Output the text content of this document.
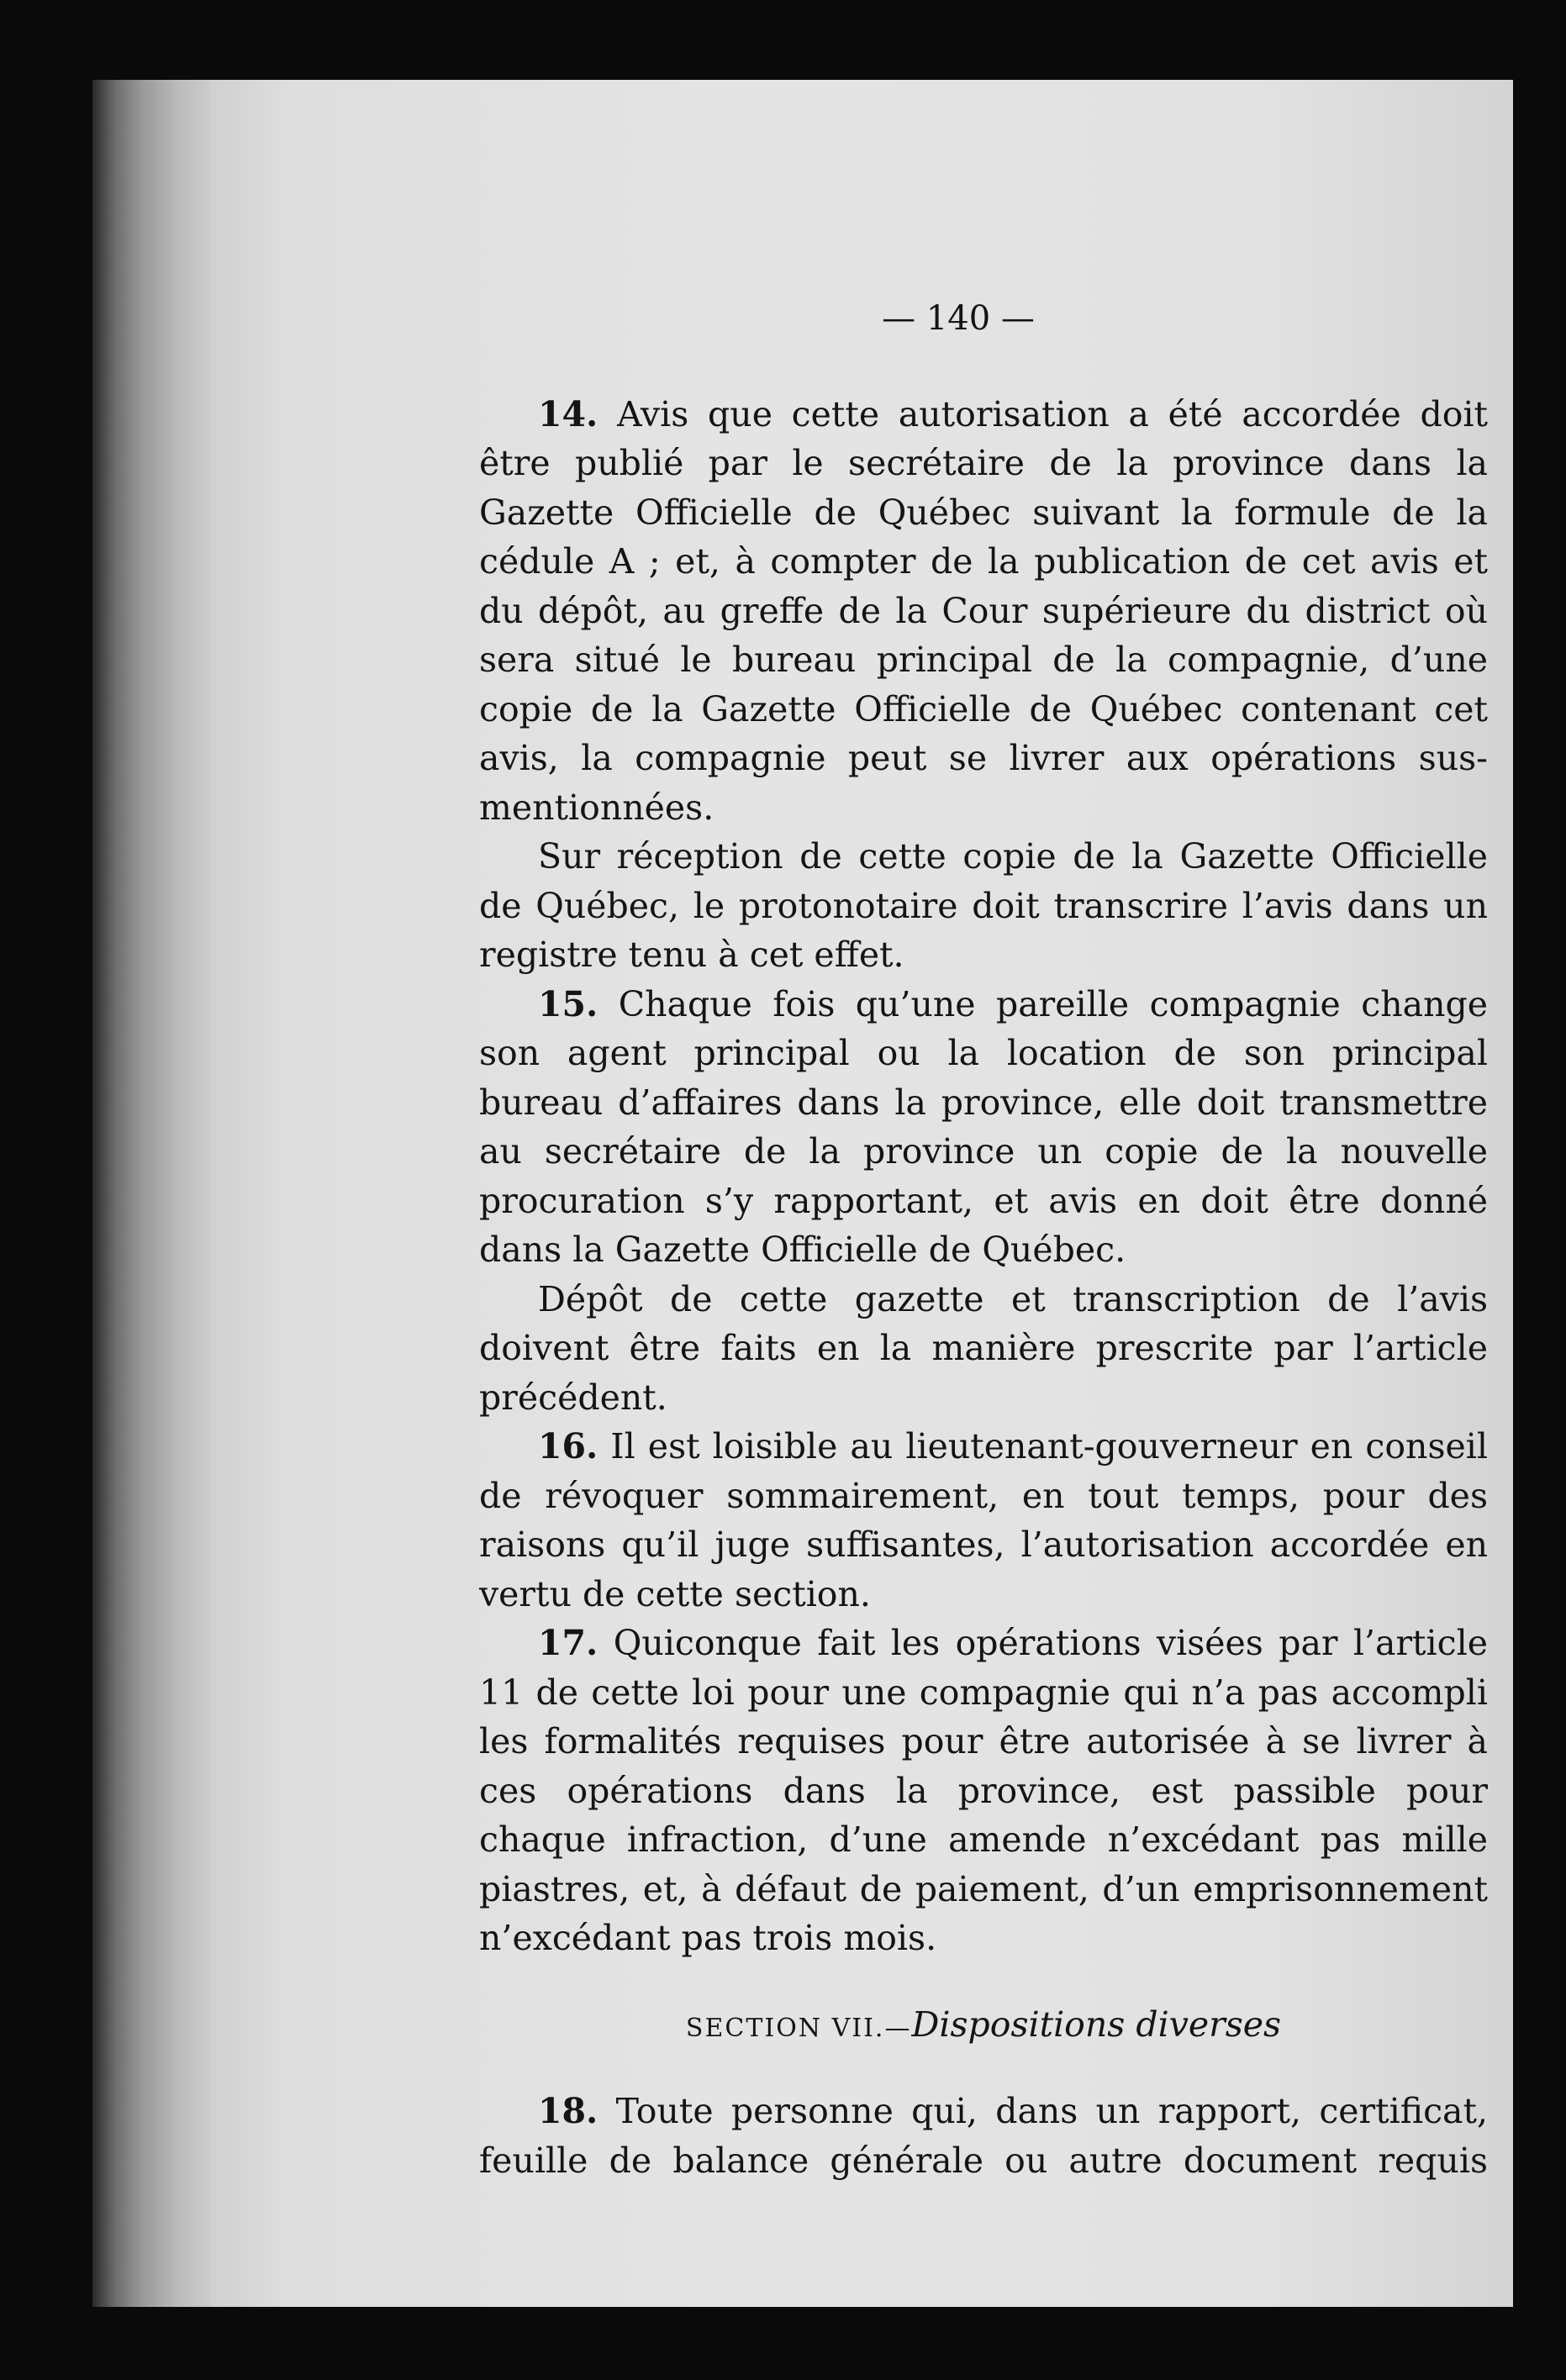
— 140 —

14. Avis que cette autorisation a été accordée doit être publié par le secrétaire de la province dans la Gazette Officielle de Québec suivant la formule de la cédule A ; et, à compter de la publication de cet avis et du dépôt, au greffe de la Cour supérieure du district où sera situé le bureau principal de la compagnie, d’une copie de la Gazette Officielle de Québec contenant cet avis, la compagnie peut se livrer aux opérations sus-mentionnées.

Sur réception de cette copie de la Gazette Officielle de Québec, le protonotaire doit transcrire l’avis dans un registre tenu à cet effet.

15. Chaque fois qu’une pareille compagnie change son agent principal ou la location de son principal bureau d’affaires dans la province, elle doit transmettre au secrétaire de la province un copie de la nouvelle procuration s’y rapportant, et avis en doit être donné dans la Gazette Officielle de Québec.

Dépôt de cette gazette et transcription de l’avis doivent être faits en la manière prescrite par l’article précédent.

16. Il est loisible au lieutenant-gouverneur en conseil de révoquer sommairement, en tout temps, pour des raisons qu’il juge suffisantes, l’autorisation accordée en vertu de cette section.

17. Quiconque fait les opérations visées par l’article 11 de cette loi pour une compagnie qui n’a pas accompli les formalités requises pour être autorisée à se livrer à ces opérations dans la province, est passible pour chaque infraction, d’une amende n’excédant pas mille piastres, et, à défaut de paiement, d’un emprisonnement n’excédant pas trois mois.

SECTION VII.—Dispositions diverses

18. Toute personne qui, dans un rapport, certificat, feuille de balance générale ou autre document requis
